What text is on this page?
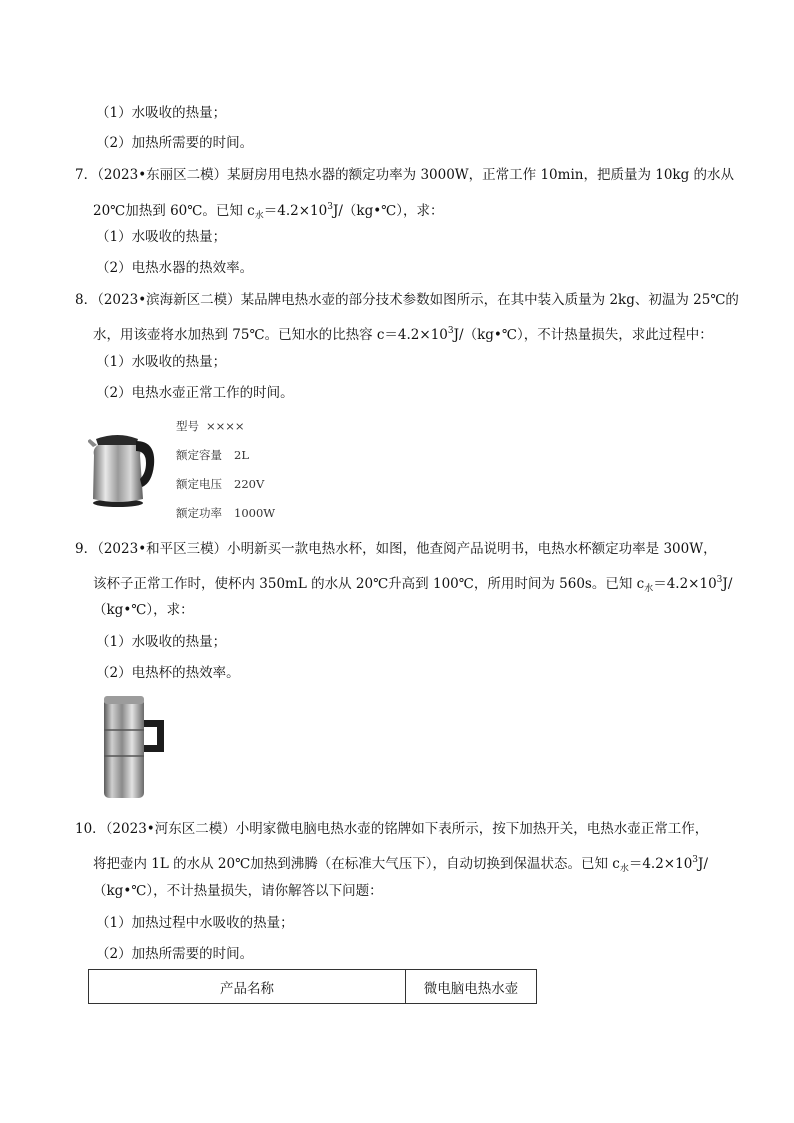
（1）水吸收的热量；
（2）加热所需要的时间。
7．（2023•东丽区二模）某厨房用电热水器的额定功率为 3000W，正常工作 10min，把质量为 10kg 的水从
20℃加热到 60℃。已知 $c_水=4.2\times 10^3J/(kg•℃)$，求：
（1）水吸收的热量；
（2）电热水器的热效率。
8．（2023•滨海新区二模）某品牌电热水壶的部分技术参数如图所示，在其中装入质量为 2kg、初温为 25℃的
水，用该壶将水加热到 75℃。已知水的比热容 $c=4.2\times 10^3J/(kg•℃)$，不计热量损失，求此过程中：
（1）水吸收的热量；
（2）电热水壶正常工作的时间。
型号 ××××
额定容量 2L
额定电压 220V
额定功率 1000W
9．（2023•和平区三模）小明新买一款电热水杯，如图，他查阅产品说明书，电热水杯额定功率是 300W，
该杯子正常工作时，使杯内 350mL 的水从 20℃升高到 100℃，所用时间为 560s。已知 $c_水=4.2\times 10^3J/$
（kg•℃），求：
（1）水吸收的热量；
（2）电热杯的热效率。
10．（2023•河东区二模）小明家微电脑电热水壶的铭牌如下表所示，按下加热开关，电热水壶正常工作，
将把壶内 1L 的水从 20℃加热到沸腾（在标准大气压下），自动切换到保温状态。已知 $c_水=4.2\times 10^3J/$
（kg•℃），不计热量损失，请你解答以下问题：
（1）加热过程中水吸收的热量；
（2）加热所需要的时间。
产品名称	微电脑电热水壶
